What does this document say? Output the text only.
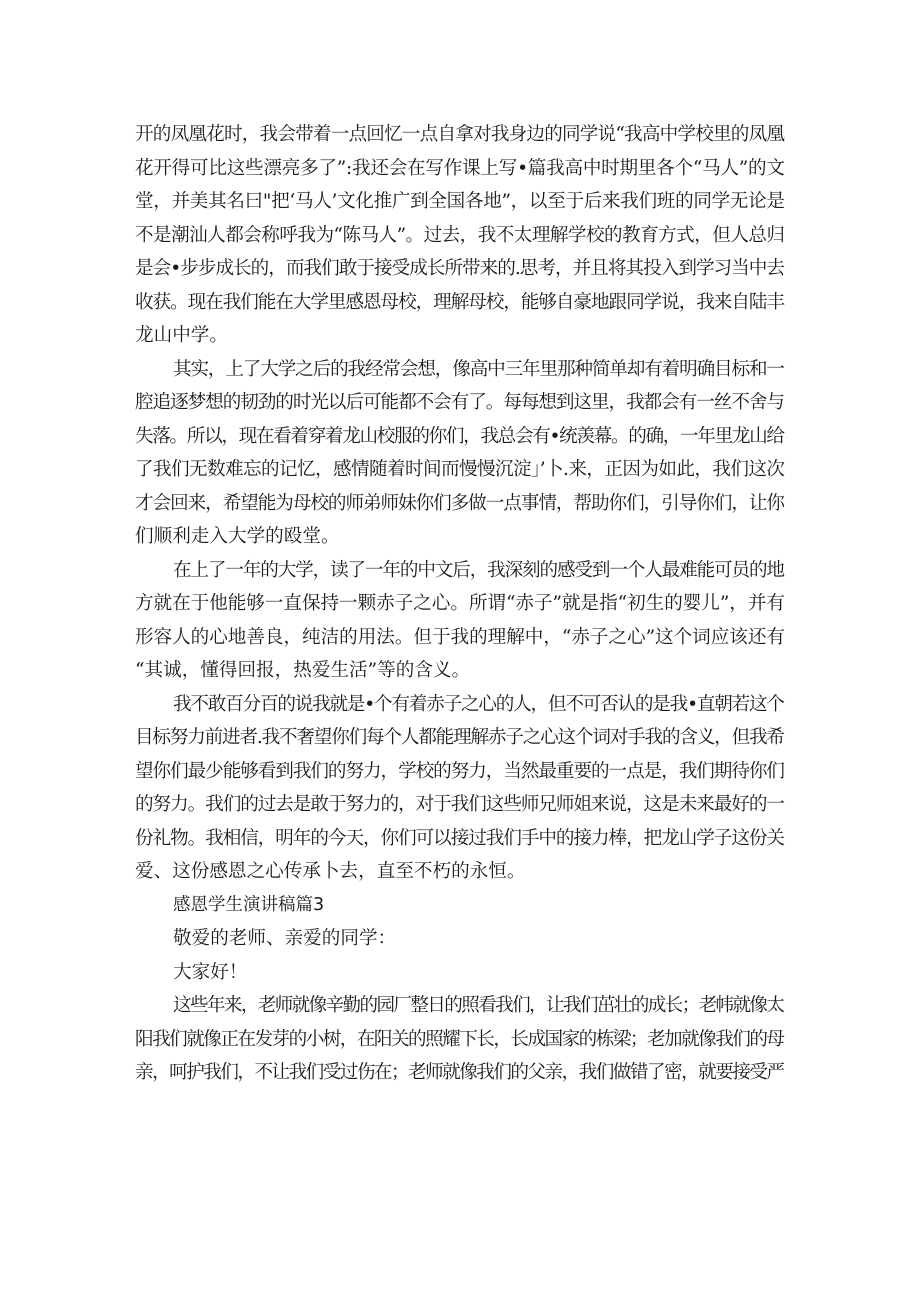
开的凤凰花时，我会带着一点回忆一点自拿对我身边的同学说“我高中学校里的凤凰
花开得可比这些漂亮多了”:我还会在写作课上写•篇我高中时期里各个“马人”的文
堂，并美其名曰"把‘马人’文化推广到全国各地”，以至于后来我们班的同学无论是
不是潮汕人都会称呼我为“陈马人”。过去，我不太理解学校的教育方式，但人总归
是会•步步成长的，而我们敢于接受成长所带来的.思考，并且将其投入到学习当中去
收获。现在我们能在大学里感恩母校，理解母校，能够自豪地跟同学说，我来自陆丰
龙山中学。
其实，上了大学之后的我经常会想，像高中三年里那种简单却有着明确目标和一
腔追逐梦想的韧劲的时光以后可能都不会有了。每每想到这里，我都会有一丝不舍与
失落。所以，现在看着穿着龙山校服的你们，我总会有•统羡幕。的确，一年里龙山给
了我们无数难忘的记忆，感情随着时间而慢慢沉淀」’卜.来，正因为如此，我们这次
才会回来，希望能为母校的师弟师妹你们多做一点事情，帮助你们，引导你们，让你
们顺利走入大学的殴堂。
在上了一年的大学，读了一年的中文后，我深刻的感受到一个人最难能可员的地
方就在于他能够一直保持一颗赤子之心。所谓“赤子”就是指“初生的婴儿”，并有
形容人的心地善良，纯洁的用法。但于我的理解中，“赤子之心”这个词应该还有
“其诚，懂得回报，热爱生活”等的含义。
我不敢百分百的说我就是•个有着赤子之心的人，但不可否认的是我•直朝若这个
目标努力前进者.我不奢望你们每个人都能理解赤子之心这个词对手我的含义，但我希
望你们最少能够看到我们的努力，学校的努力，当然最重要的一点是，我们期待你们
的努力。我们的过去是敢于努力的，对于我们这些师兄师姐来说，这是未来最好的一
份礼物。我相信，明年的今天，你们可以接过我们手中的接力棒，把龙山学子这份关
爱、这份感恩之心传承卜去，直至不朽的永恒。
感恩学生演讲稿篇3
敬爱的老师、亲爱的同学：
大家好！
这些年来，老师就像辛勤的园厂整日的照看我们，让我们茁壮的成长；老帏就像太
阳我们就像正在发芽的小树，在阳关的照耀下长，长成国家的栋梁；老加就像我们的母
亲，呵护我们，不让我们受过伤在；老师就像我们的父亲，我们做错了密，就要接受严
